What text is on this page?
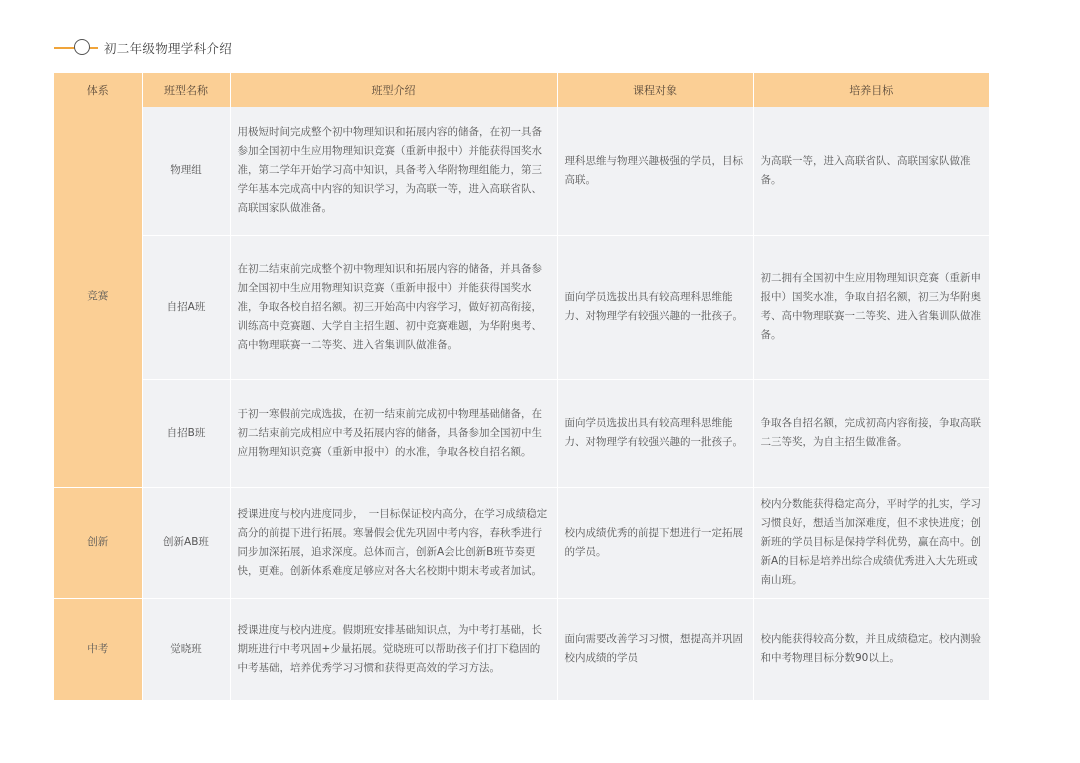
初二年级物理学科介绍
体系	班型名称	班型介绍	课程对象	培养目标
竞赛	物理组	用极短时间完成整个初中物理知识和拓展内容的储备，在初一具备参加全国初中生应用物理知识竞赛（重新申报中）并能获得国奖水准，第二学年开始学习高中知识，具备考入华附物理组能力，第三学年基本完成高中内容的知识学习，为高联一等，进入高联省队、高联国家队做准备。	理科思维与物理兴趣极强的学员，目标高联。	为高联一等，进入高联省队、高联国家队做准备。
	自招A班	在初二结束前完成整个初中物理知识和拓展内容的储备，并具备参加全国初中生应用物理知识竞赛（重新申报中）并能获得国奖水准，争取各校自招名额。初三开始高中内容学习，做好初高衔接，训练高中竞赛题、大学自主招生题、初中竞赛难题，为华附奥考、高中物理联赛一二等奖、进入省集训队做准备。	面向学员选拔出具有较高理科思维能力、对物理学有较强兴趣的一批孩子。	初二拥有全国初中生应用物理知识竞赛（重新申报中）国奖水准，争取自招名额，初三为华附奥考、高中物理联赛一二等奖、进入省集训队做准备。
	自招B班	于初一寒假前完成选拔，在初一结束前完成初中物理基础储备，在初二结束前完成相应中考及拓展内容的储备，具备参加全国初中生应用物理知识竞赛（重新申报中）的水准，争取各校自招名额。	面向学员选拔出具有较高理科思维能力、对物理学有较强兴趣的一批孩子。	争取各自招名额，完成初高内容衔接，争取高联二三等奖，为自主招生做准备。
创新	创新AB班	授课进度与校内进度同步，　一目标保证校内高分，在学习成绩稳定高分的前提下进行拓展。寒暑假会优先巩固中考内容，春秋季进行同步加深拓展，追求深度。总体而言，创新A会比创新B班节奏更快，更难。创新体系难度足够应对各大名校期中期末考或者加试。	校内成绩优秀的前提下想进行一定拓展的学员。	校内分数能获得稳定高分，平时学的扎实，学习习惯良好，想适当加深难度，但不求快进度；创新班的学员目标是保持学科优势，赢在高中。创新A的目标是培养出综合成绩优秀进入大先班或南山班。
中考	觉晓班	授课进度与校内进度。假期班安排基础知识点，为中考打基础，长期班进行中考巩固+少量拓展。觉晓班可以帮助孩子们打下稳固的中考基础，培养优秀学习习惯和获得更高效的学习方法。	面向需要改善学习习惯，想提高并巩固校内成绩的学员	校内能获得较高分数，并且成绩稳定。校内测验和中考物理目标分数90以上。
